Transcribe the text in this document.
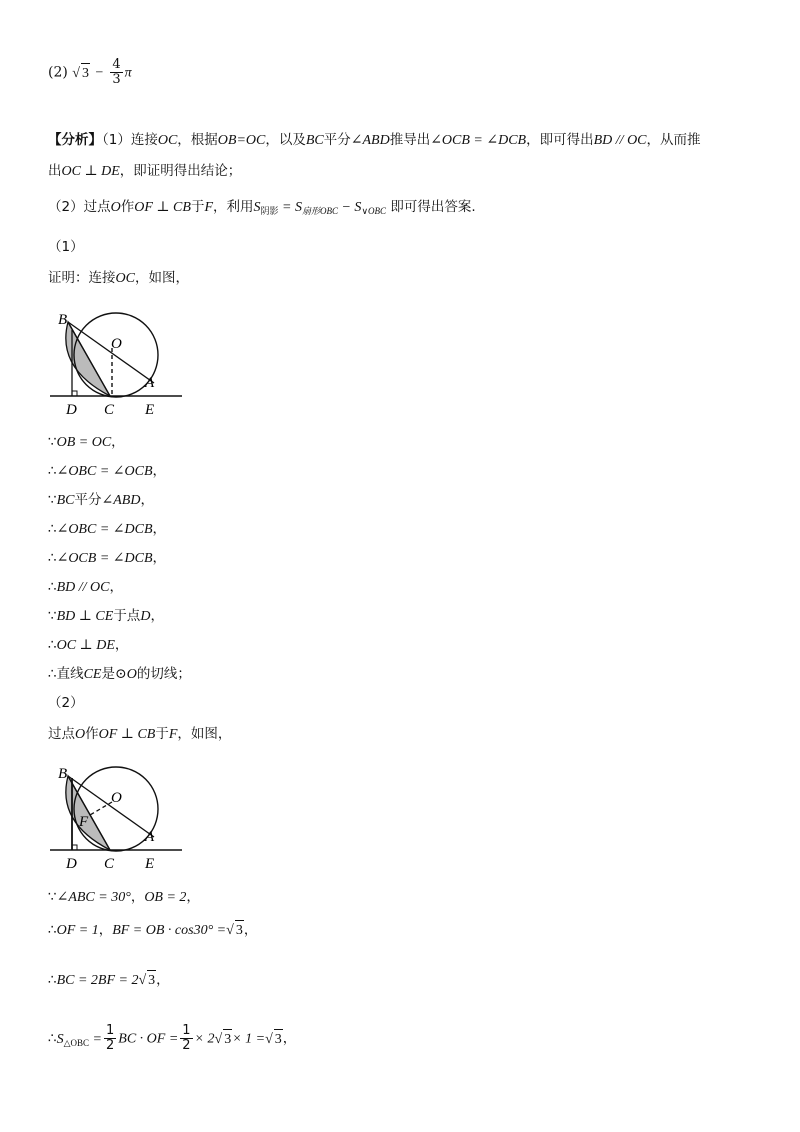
(2) √ $3 - \frac{4}{3}$ π
【分析】（1）连接OC，根据OB=OC，以及BC平分∠ABD推导出∠OCB = ∠DCB，即可得出BD // OC，从而推
出OC ⊥ DE，即证明得出结论；
（2）过点O作OF ⊥ CB于F，利用$S_{阴影} = S_{扇形OBC} - S_{\vee OBC}$ 即可得出答案.
（1）
证明：连接OC，如图，
B
O
A
D C E
∵OB = OC，
∴∠OBC = ∠OCB，
∵BC平分∠ABD，
∴∠OBC = ∠DCB，
∴∠OCB = ∠DCB，
∴BD // OC，
∵BD ⊥ CE于点D，
∴OC ⊥ DE，
∴直线CE是⊙O的切线；
（2）
过点O作OF ⊥ CB于F，如图，
B
O
F
A
D C E
∵∠ABC = 30°，OB = 2，
∴OF = 1，BF = OB · cos30° =√ 3，
∴BC = 2BF = 2√ 3，
$\therefore S_{\triangle OBC} = \frac{1}{2}$ BC · OF = $\frac{1}{2} \times 2√$ 3× 1 =√ 3，
